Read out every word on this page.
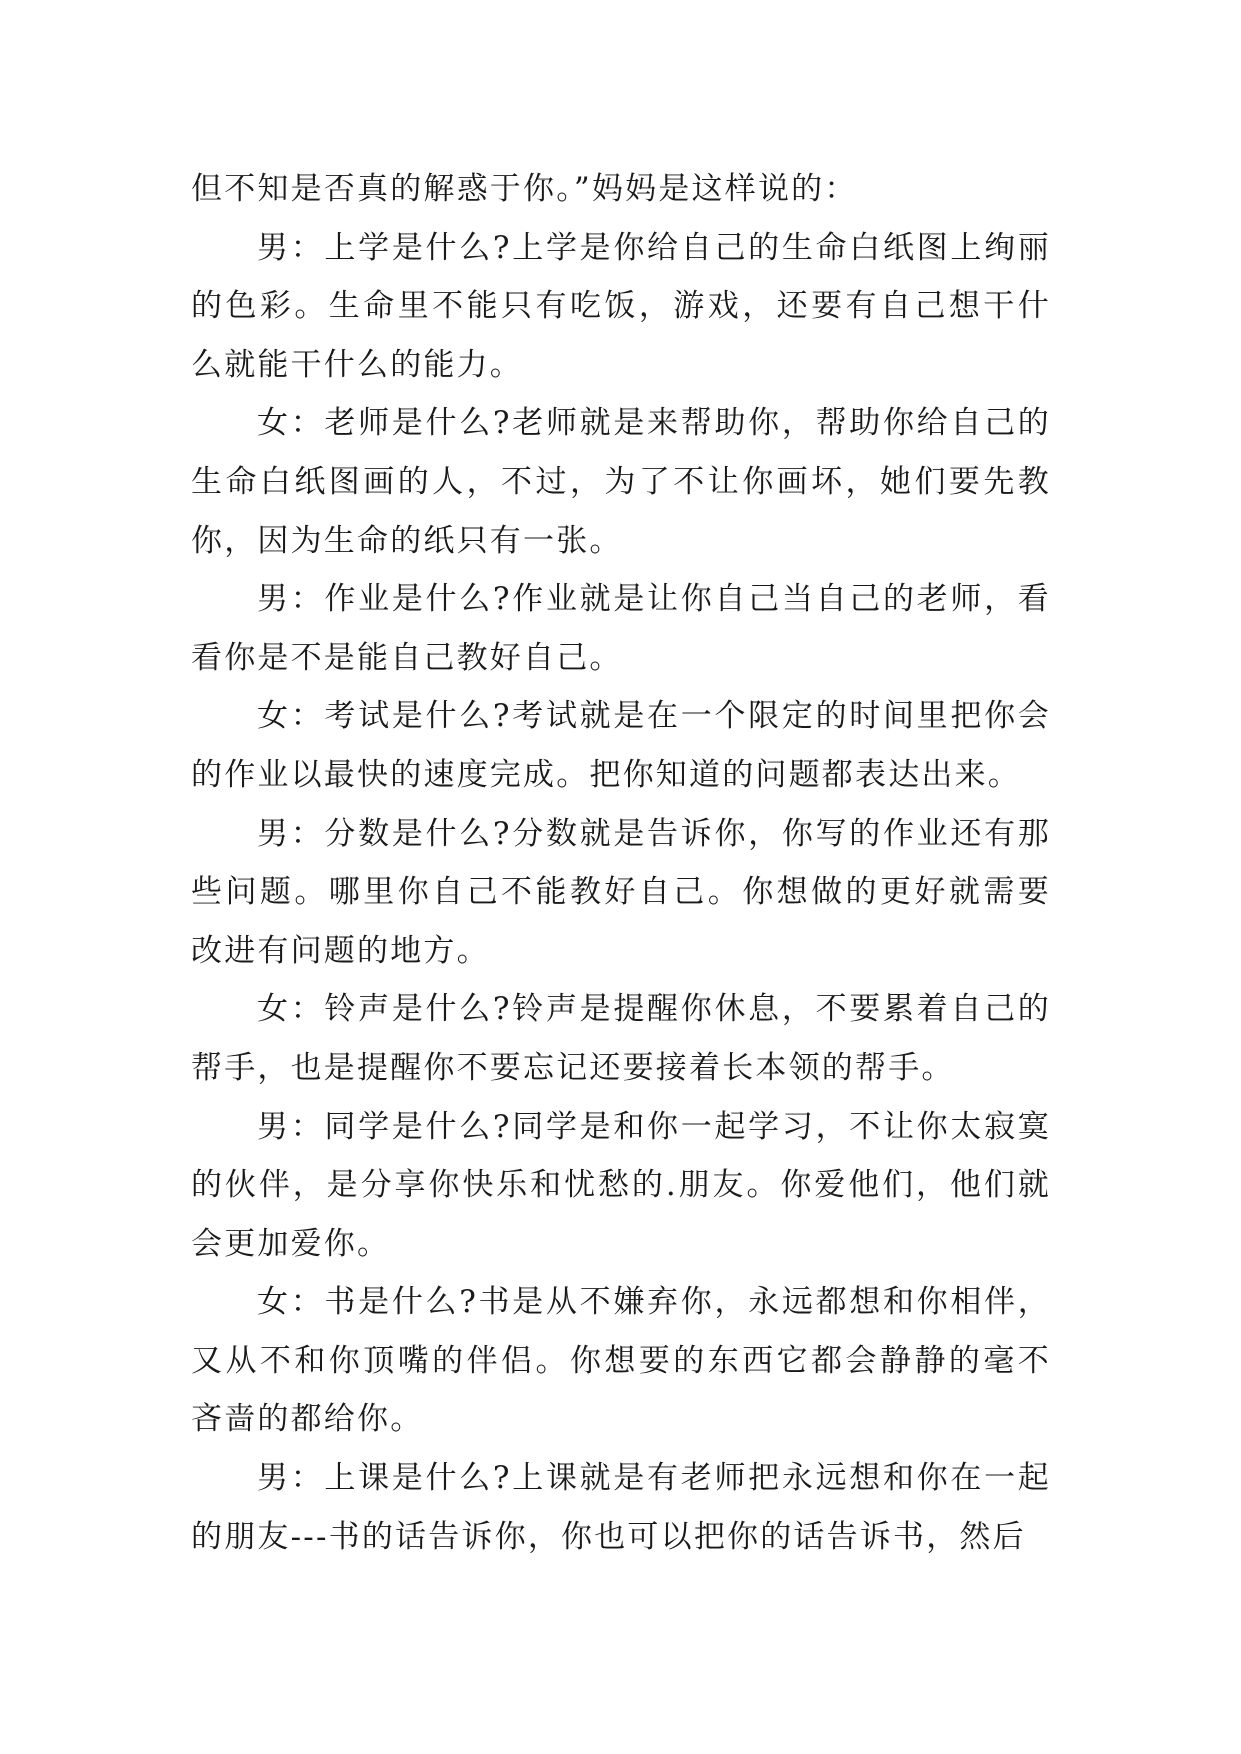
但不知是否真的解惑于你。”妈妈是这样说的：

男：上学是什么?上学是你给自己的生命白纸图上绚丽的色彩。生命里不能只有吃饭，游戏，还要有自己想干什么就能干什么的能力。

女：老师是什么?老师就是来帮助你，帮助你给自己的生命白纸图画的人，不过，为了不让你画坏，她们要先教你，因为生命的纸只有一张。

男：作业是什么?作业就是让你自己当自己的老师，看看你是不是能自己教好自己。

女：考试是什么?考试就是在一个限定的时间里把你会的作业以最快的速度完成。把你知道的问题都表达出来。

男：分数是什么?分数就是告诉你，你写的作业还有那些问题。哪里你自己不能教好自己。你想做的更好就需要改进有问题的地方。

女：铃声是什么?铃声是提醒你休息，不要累着自己的帮手，也是提醒你不要忘记还要接着长本领的帮手。

男：同学是什么?同学是和你一起学习，不让你太寂寞的伙伴，是分享你快乐和忧愁的.朋友。你爱他们，他们就会更加爱你。

女：书是什么?书是从不嫌弃你，永远都想和你相伴，又从不和你顶嘴的伴侣。你想要的东西它都会静静的毫不吝啬的都给你。

男：上课是什么?上课就是有老师把永远想和你在一起的朋友---书的话告诉你，你也可以把你的话告诉书，然后
